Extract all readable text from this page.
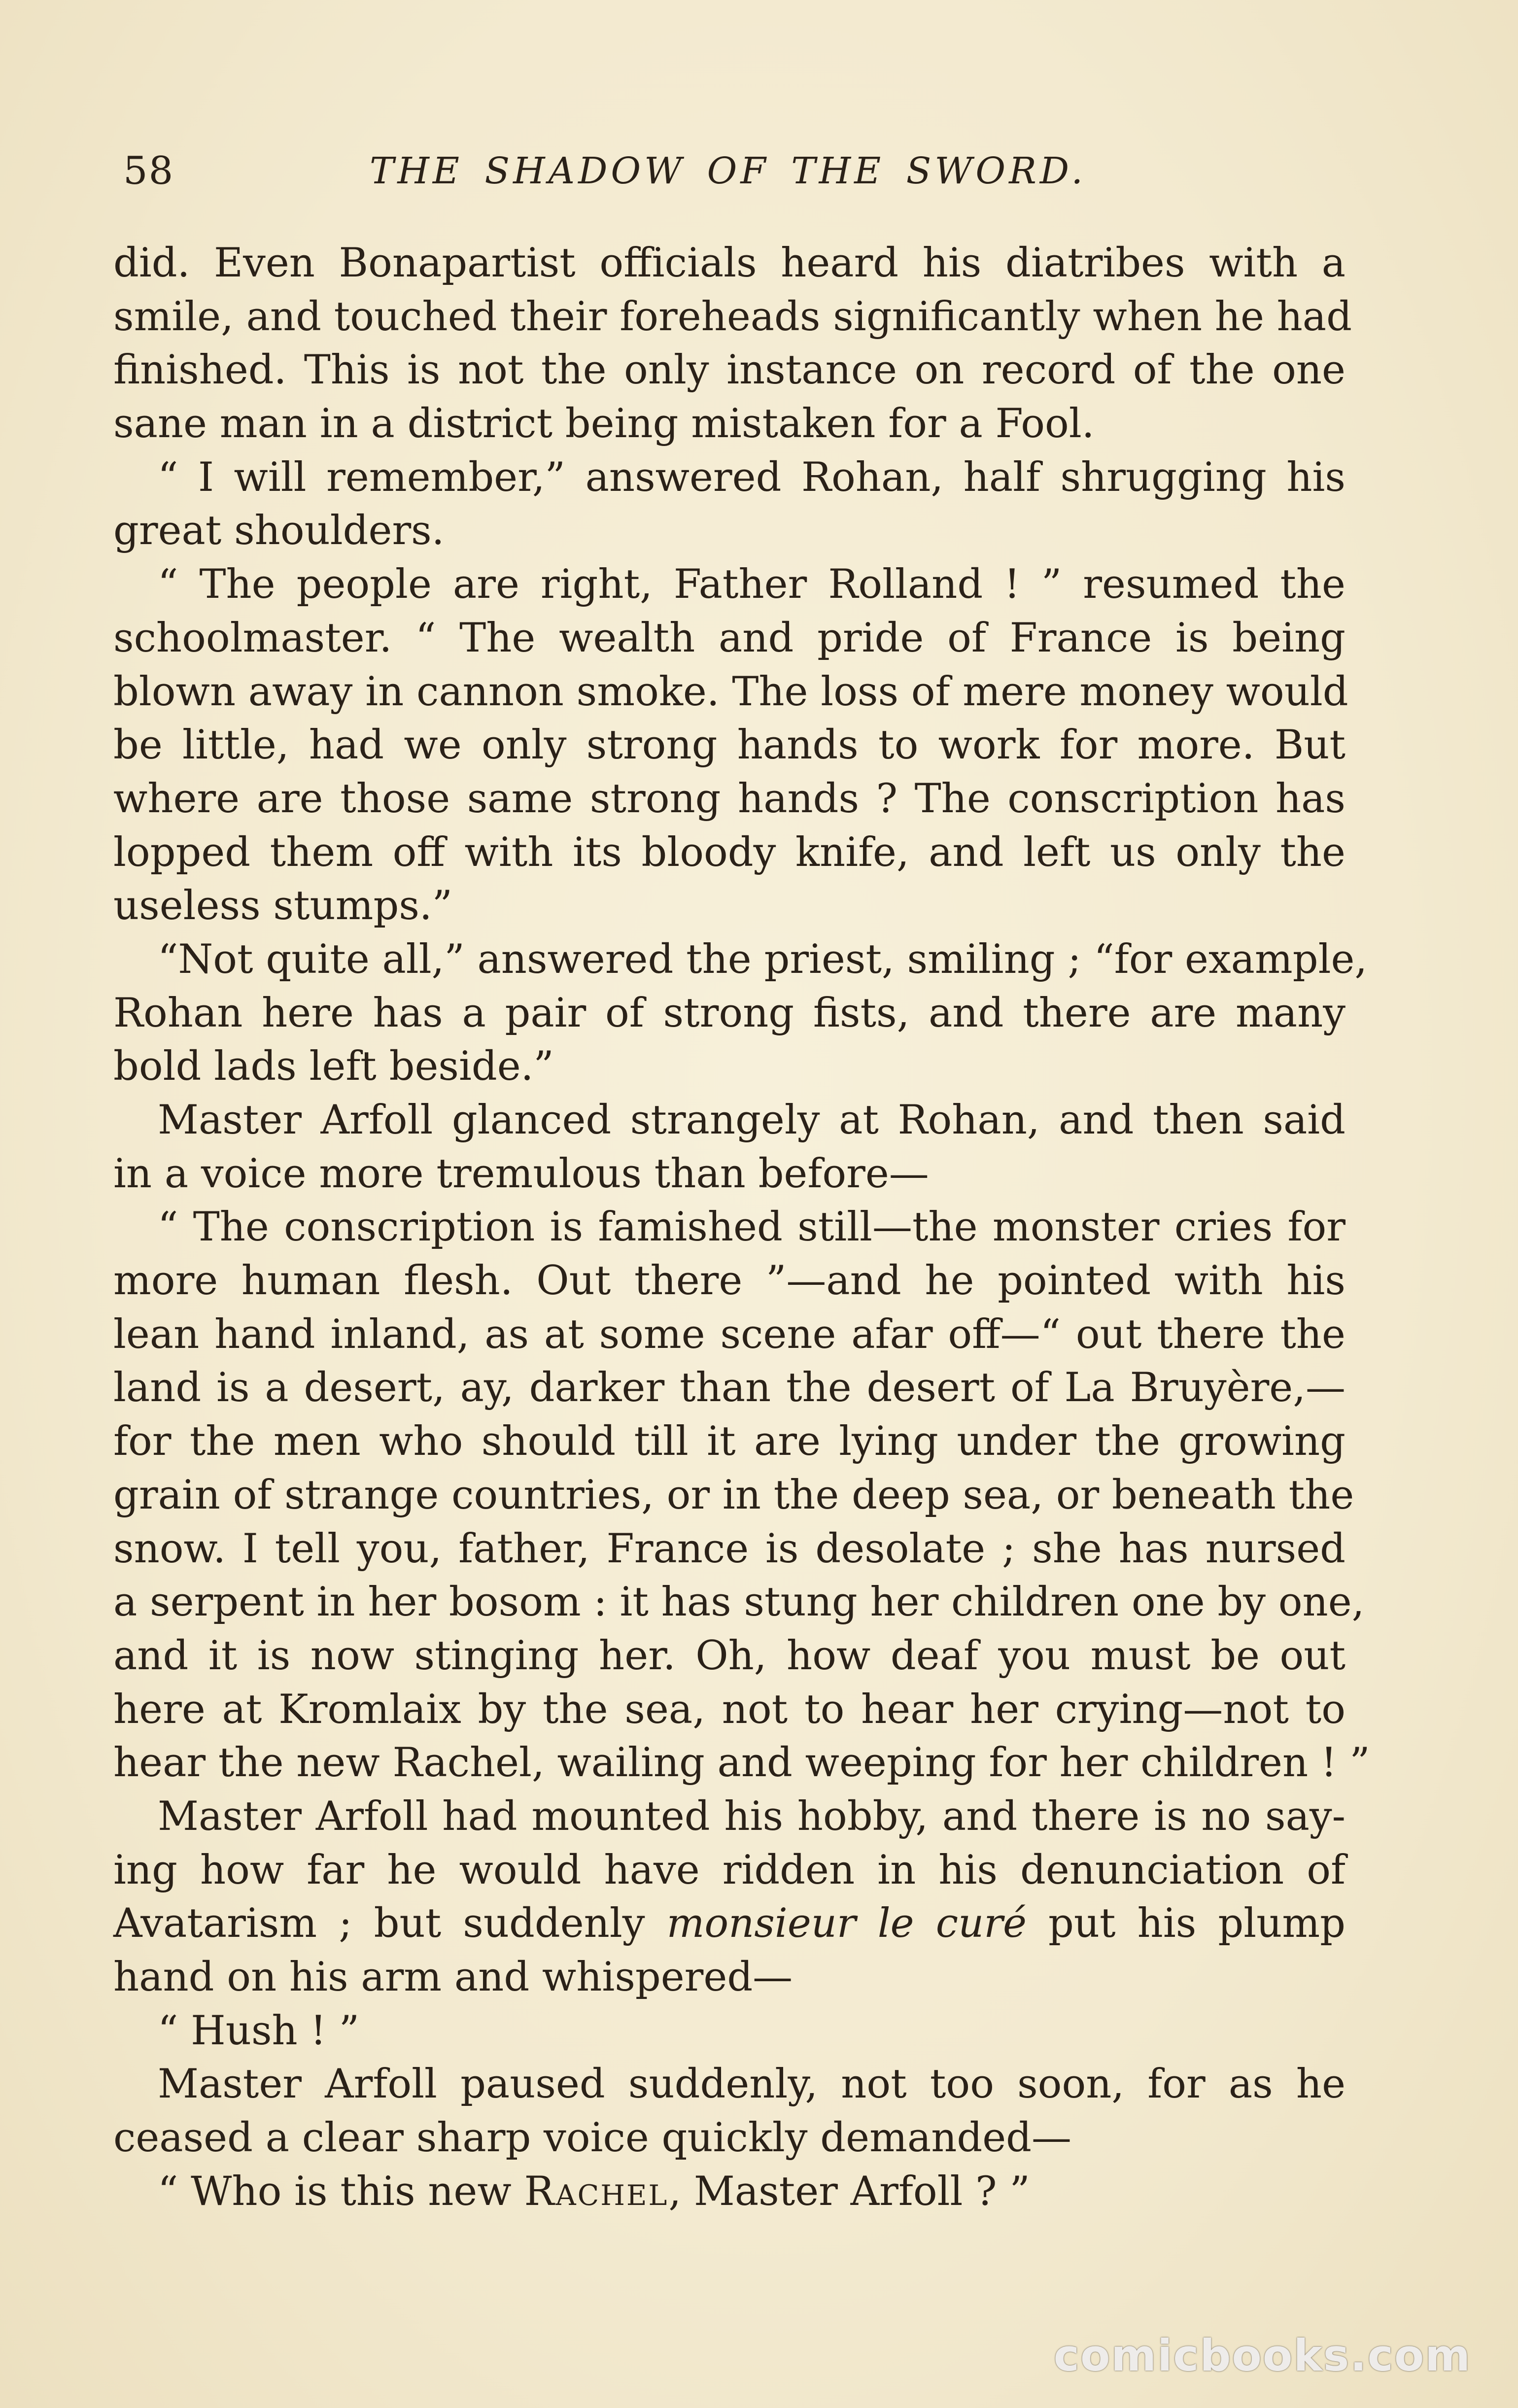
58	THE SHADOW OF THE SWORD.
did. Even Bonapartist officials heard his diatribes with a
smile, and touched their foreheads significantly when he had
finished. This is not the only instance on record of the one
sane man in a district being mistaken for a Fool.
“ I will remember,” answered Rohan, half shrugging his
great shoulders.
“ The people are right, Father Rolland ! ” resumed the
schoolmaster. “ The wealth and pride of France is being
blown away in cannon smoke. The loss of mere money would
be little, had we only strong hands to work for more. But
where are those same strong hands ? The conscription has
lopped them off with its bloody knife, and left us only the
useless stumps.”
“Not quite all,” answered the priest, smiling ; “for example,
Rohan here has a pair of strong fists, and there are many
bold lads left beside.”
Master Arfoll glanced strangely at Rohan, and then said
in a voice more tremulous than before—
“ The conscription is famished still—the monster cries for
more human flesh. Out there ”—and he pointed with his
lean hand inland, as at some scene afar off—“ out there the
land is a desert, ay, darker than the desert of La Bruyère,—
for the men who should till it are lying under the growing
grain of strange countries, or in the deep sea, or beneath the
snow. I tell you, father, France is desolate ; she has nursed
a serpent in her bosom : it has stung her children one by one,
and it is now stinging her. Oh, how deaf you must be out
here at Kromlaix by the sea, not to hear her crying—not to
hear the new Rachel, wailing and weeping for her children ! ”
Master Arfoll had mounted his hobby, and there is no say-
ing how far he would have ridden in his denunciation of
Avatarism ; but suddenly monsieur le curé put his plump
hand on his arm and whispered—
“ Hush ! ”
Master Arfoll paused suddenly, not too soon, for as he
ceased a clear sharp voice quickly demanded—
“ Who is this new Rachel, Master Arfoll ? ”
comicbooks.com
